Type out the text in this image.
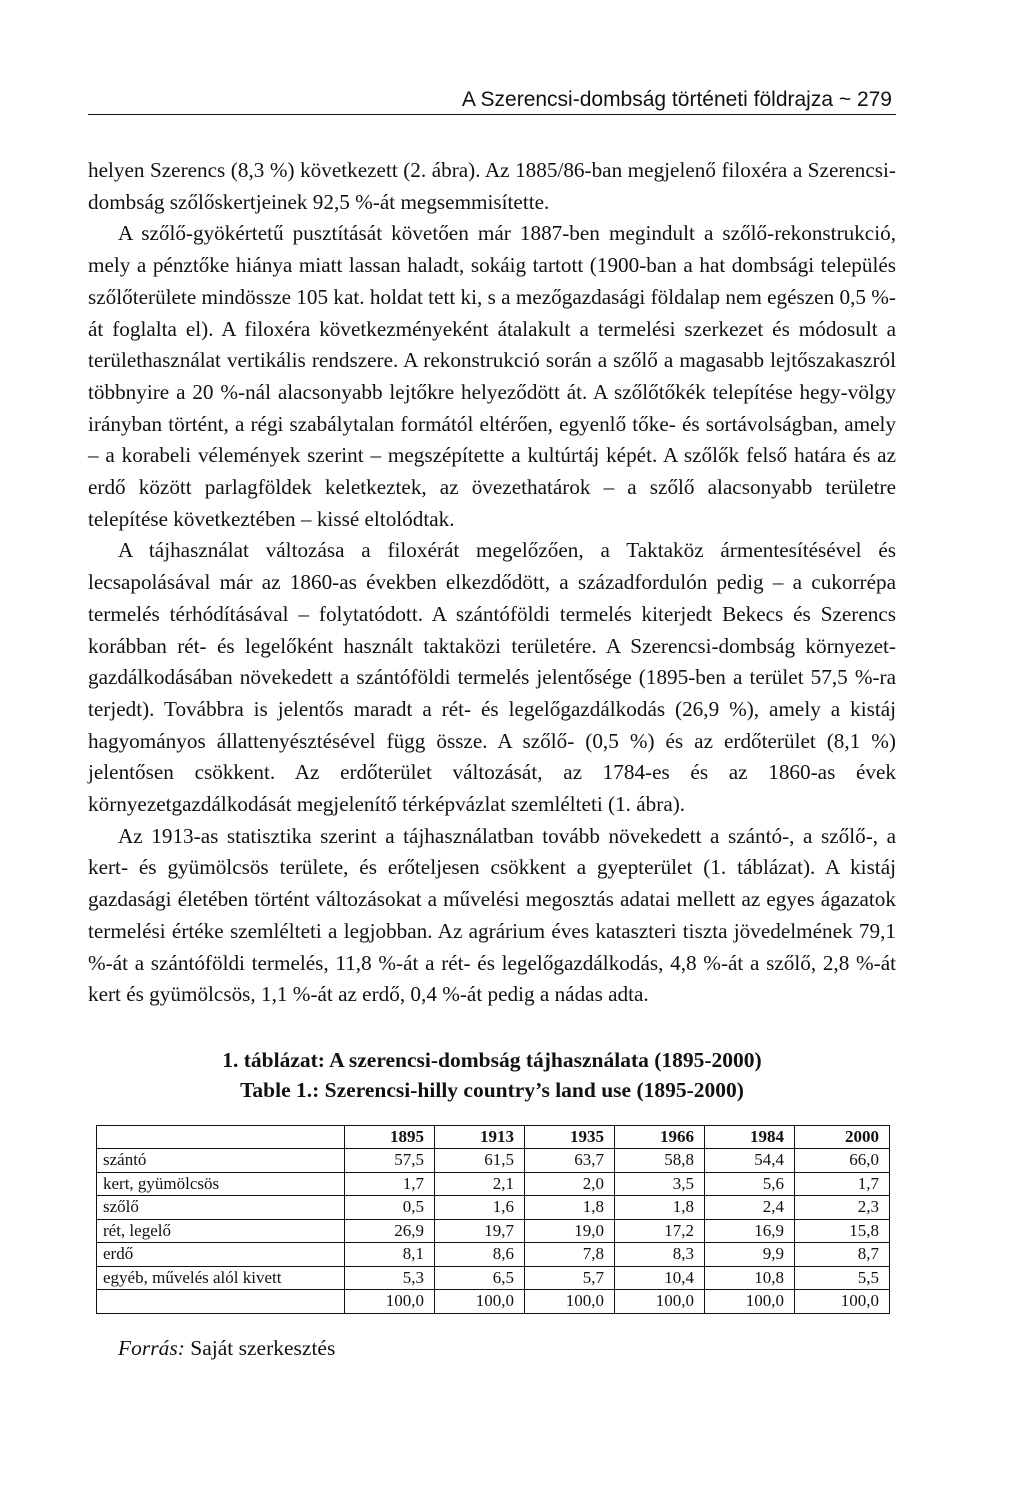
A Szerencsi-dombság történeti földrajza ~ 279

helyen Szerencs (8,3 %) következett (2. ábra). Az 1885/86-ban megjelenő filoxéra a Szerencsi-dombság szőlőskertjeinek 92,5 %-át megsemmisítette.

A szőlő-gyökértetű pusztítását követően már 1887-ben megindult a szőlő-rekonstrukció, mely a pénztőke hiánya miatt lassan haladt, sokáig tartott (1900-ban a hat dombsági település szőlőterülete mindössze 105 kat. holdat tett ki, s a mezőgazdasági földalap nem egészen 0,5 %-át foglalta el). A filoxéra következményeként átalakult a termelési szerkezet és módosult a területhasználat vertikális rendszere. A rekonstrukció során a szőlő a magasabb lejtőszakaszról többnyire a 20 %-nál alacsonyabb lejtőkre helyeződött át. A szőlőtőkék telepítése hegy-völgy irányban történt, a régi szabálytalan formától eltérően, egyenlő tőke- és sortávolságban, amely – a korabeli vélemények szerint – megszépítette a kultúrtáj képét. A szőlők felső határa és az erdő között parlagföldek keletkeztek, az övezethatárok – a szőlő alacsonyabb területre telepítése következtében – kissé eltolódtak.

A tájhasználat változása a filoxérát megelőzően, a Taktaköz ármentesítésével és lecsapolásával már az 1860-as években elkezdődött, a századfordulón pedig – a cukorrépa termelés térhódításával – folytatódott. A szántóföldi termelés kiterjedt Bekecs és Szerencs korábban rét- és legelőként használt taktaközi területére. A Szerencsi-dombság környezet-gazdálkodásában növekedett a szántóföldi termelés jelentősége (1895-ben a terület 57,5 %-ra terjedt). Továbbra is jelentős maradt a rét- és legelőgazdálkodás (26,9 %), amely a kistáj hagyományos állattenyésztésével függ össze. A szőlő- (0,5 %) és az erdőterület (8,1 %) jelentősen csökkent. Az erdőterület változását, az 1784-es és az 1860-as évek környezetgazdálkodását megjelenítő térképvázlat szemlélteti (1. ábra).

Az 1913-as statisztika szerint a tájhasználatban tovább növekedett a szántó-, a szőlő-, a kert- és gyümölcsös területe, és erőteljesen csökkent a gyepterület (1. táblázat). A kistáj gazdasági életében történt változásokat a művelési megosztás adatai mellett az egyes ágazatok termelési értéke szemlélteti a legjobban. Az agrárium éves kataszteri tiszta jövedelmének 79,1 %-át a szántóföldi termelés, 11,8 %-át a rét- és legelőgazdálkodás, 4,8 %-át a szőlő, 2,8 %-át kert és gyümölcsös, 1,1 %-át az erdő, 0,4 %-át pedig a nádas adta.

1. táblázat: A szerencsi-dombság tájhasználata (1895-2000)
Table 1.: Szerencsi-hilly country’s land use (1895-2000)
	1895	1913	1935	1966	1984	2000
szántó	57,5	61,5	63,7	58,8	54,4	66,0
kert, gyümölcsös	1,7	2,1	2,0	3,5	5,6	1,7
szőlő	0,5	1,6	1,8	1,8	2,4	2,3
rét, legelő	26,9	19,7	19,0	17,2	16,9	15,8
erdő	8,1	8,6	7,8	8,3	9,9	8,7
egyéb, művelés alól kivett	5,3	6,5	5,7	10,4	10,8	5,5
	100,0	100,0	100,0	100,0	100,0	100,0
Forrás: Saját szerkesztés
